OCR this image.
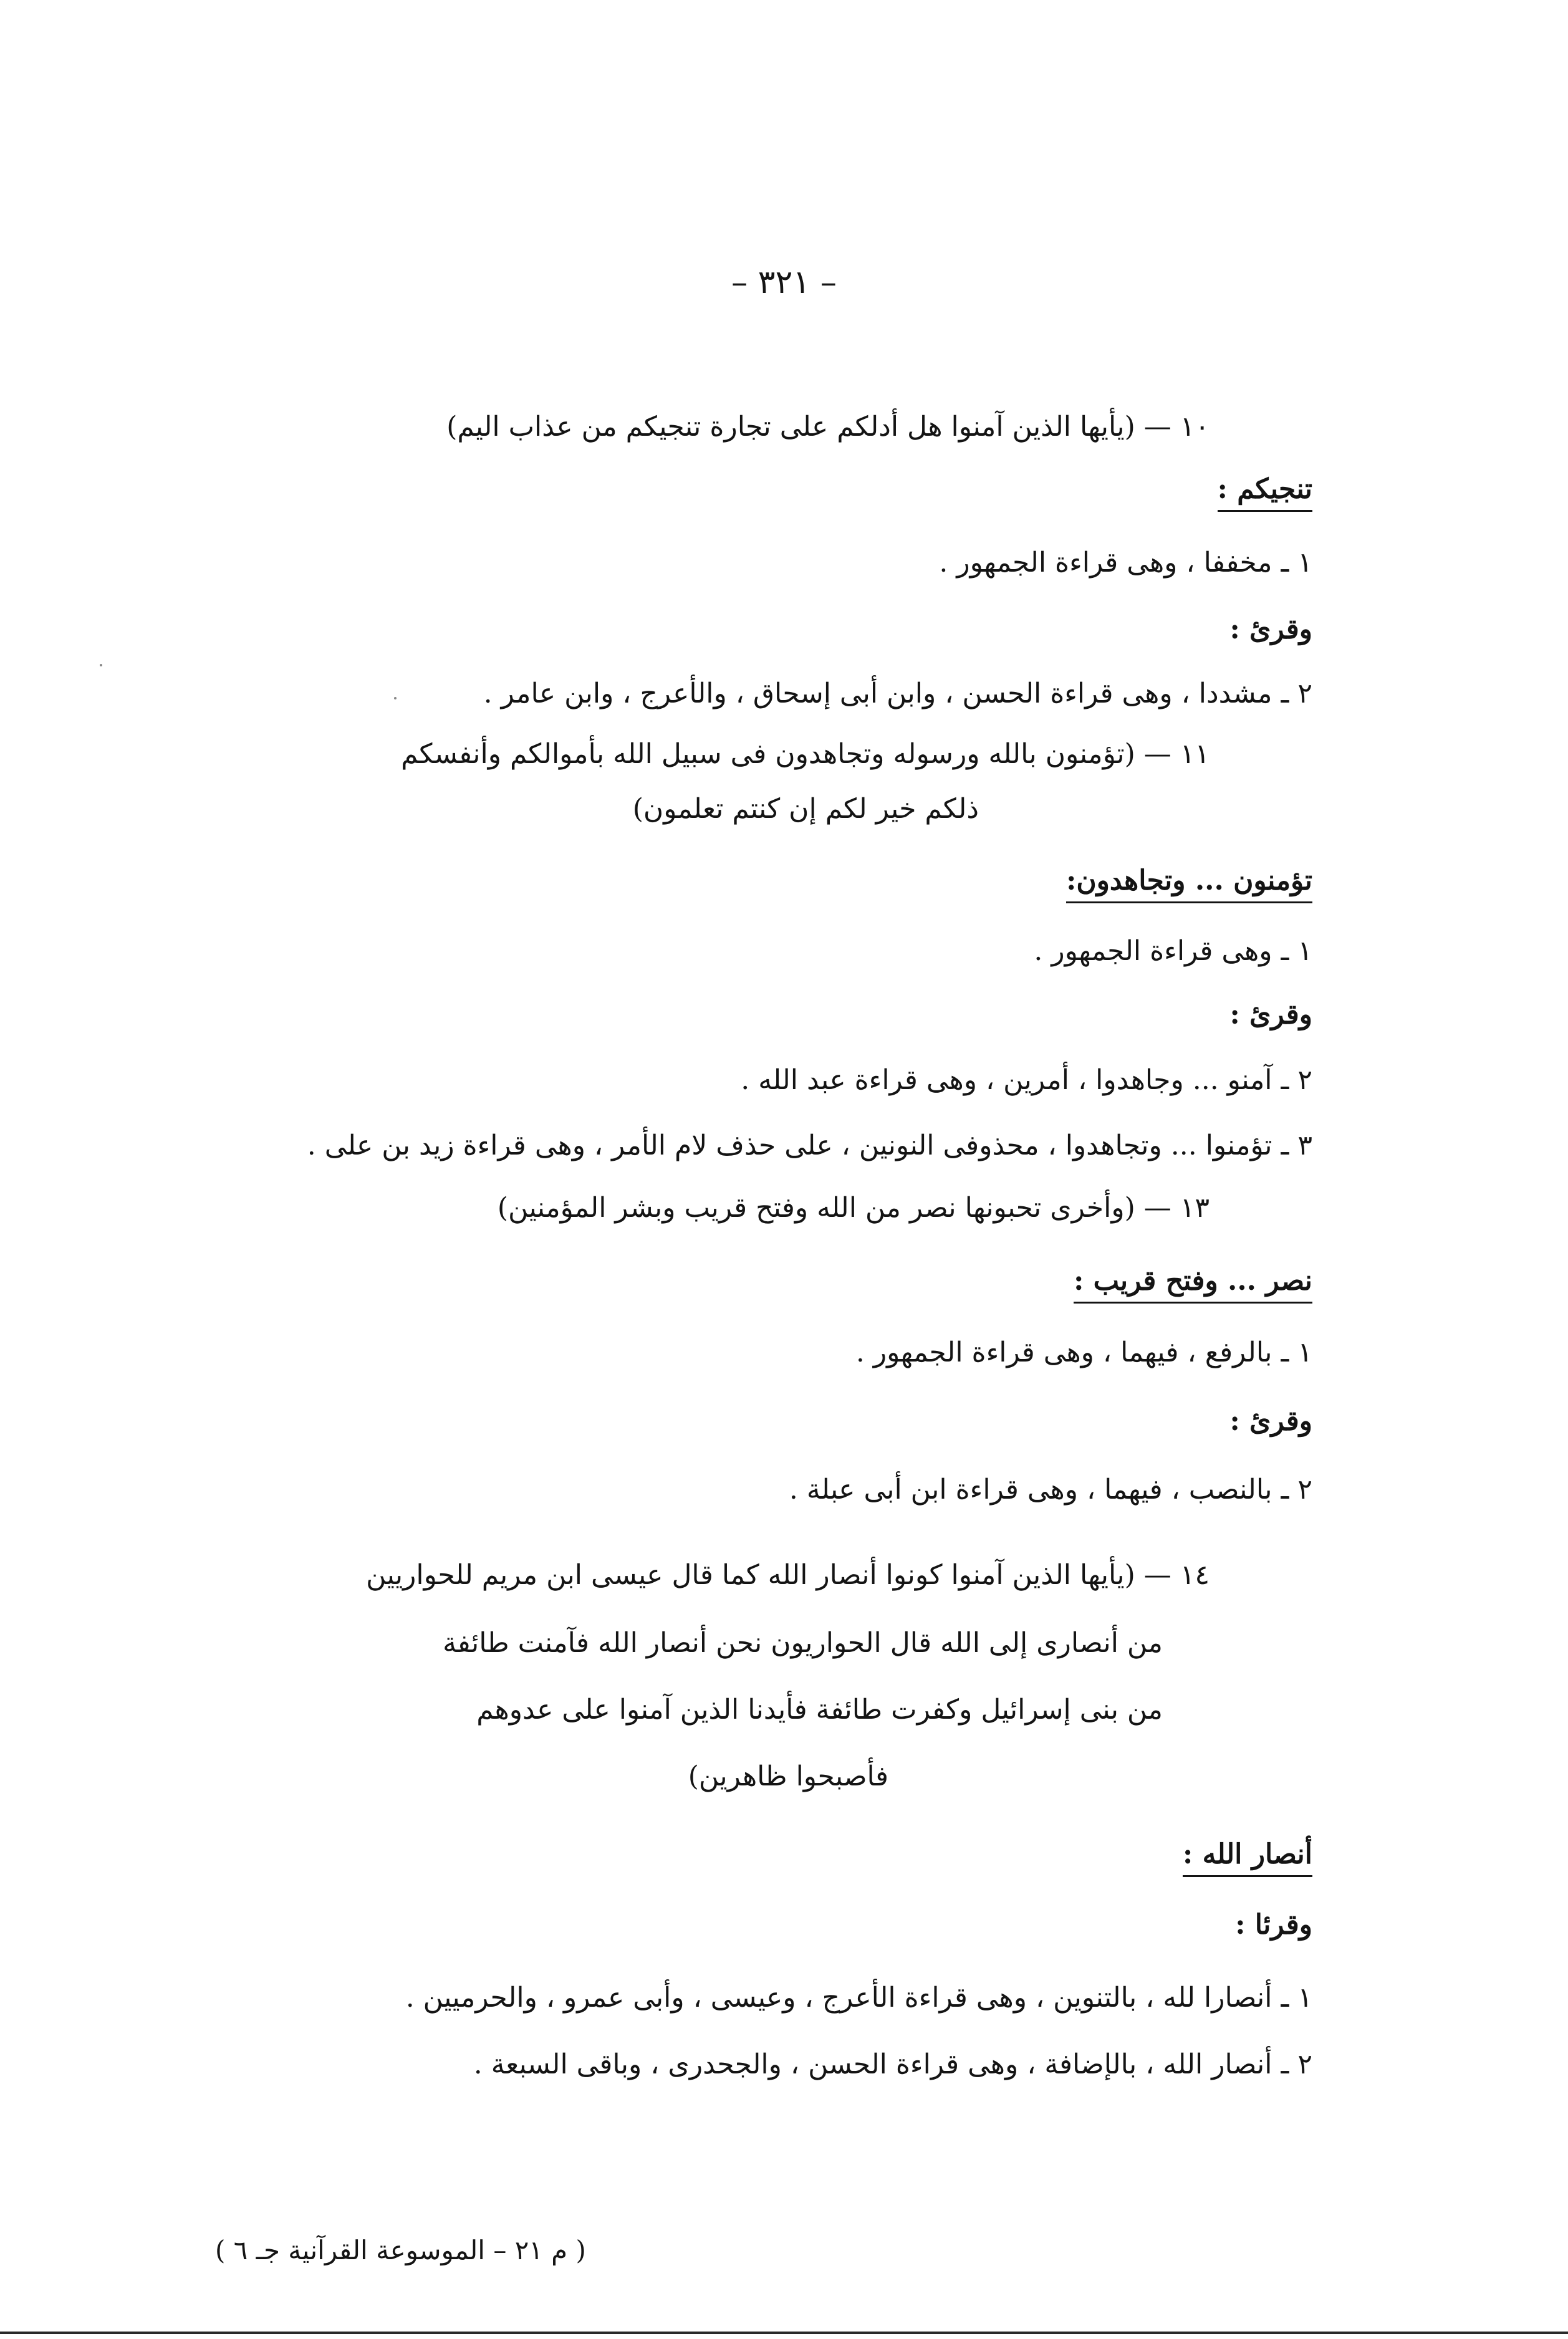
– ٣٢١ –
١٠ — (يأيها الذين آمنوا هل أدلكم على تجارة تنجيكم من عذاب اليم)
تنجيكم :
١ ـ مخففا ، وهى قراءة الجمهور .
وقرئ :
٢ ـ مشددا ، وهى قراءة الحسن ، وابن أبى إسحاق ، والأعرج ، وابن عامر .
١١ — (تؤمنون بالله ورسوله وتجاهدون فى سبيل الله بأموالكم وأنفسكم
ذلكم خير لكم إن كنتم تعلمون)
تؤمنون ... وتجاهدون:
١ ـ وهى قراءة الجمهور .
وقرئ :
٢ ـ آمنو ... وجاهدوا ، أمرين ، وهى قراءة عبد الله .
٣ ـ تؤمنوا ... وتجاهدوا ، محذوفى النونين ، على حذف لام الأمر ، وهى قراءة زيد بن على .
١٣ — (وأخرى تحبونها نصر من الله وفتح قريب وبشر المؤمنين)
نصر ... وفتح قريب :
١ ـ بالرفع ، فيهما ، وهى قراءة الجمهور .
وقرئ :
٢ ـ بالنصب ، فيهما ، وهى قراءة ابن أبى عبلة .
١٤ — (يأيها الذين آمنوا كونوا أنصار الله كما قال عيسى ابن مريم للحواريين
من أنصارى إلى الله قال الحواريون نحن أنصار الله فآمنت طائفة
من بنى إسرائيل وكفرت طائفة فأيدنا الذين آمنوا على عدوهم
فأصبحوا ظاهرين)
أنصار الله :
وقرئا :
١ ـ أنصارا لله ، بالتنوين ، وهى قراءة الأعرج ، وعيسى ، وأبى عمرو ، والحرميين .
٢ ـ أنصار الله ، بالإضافة ، وهى قراءة الحسن ، والجحدرى ، وباقى السبعة .
( م ٢١ – الموسوعة القرآنية جـ ٦ )
